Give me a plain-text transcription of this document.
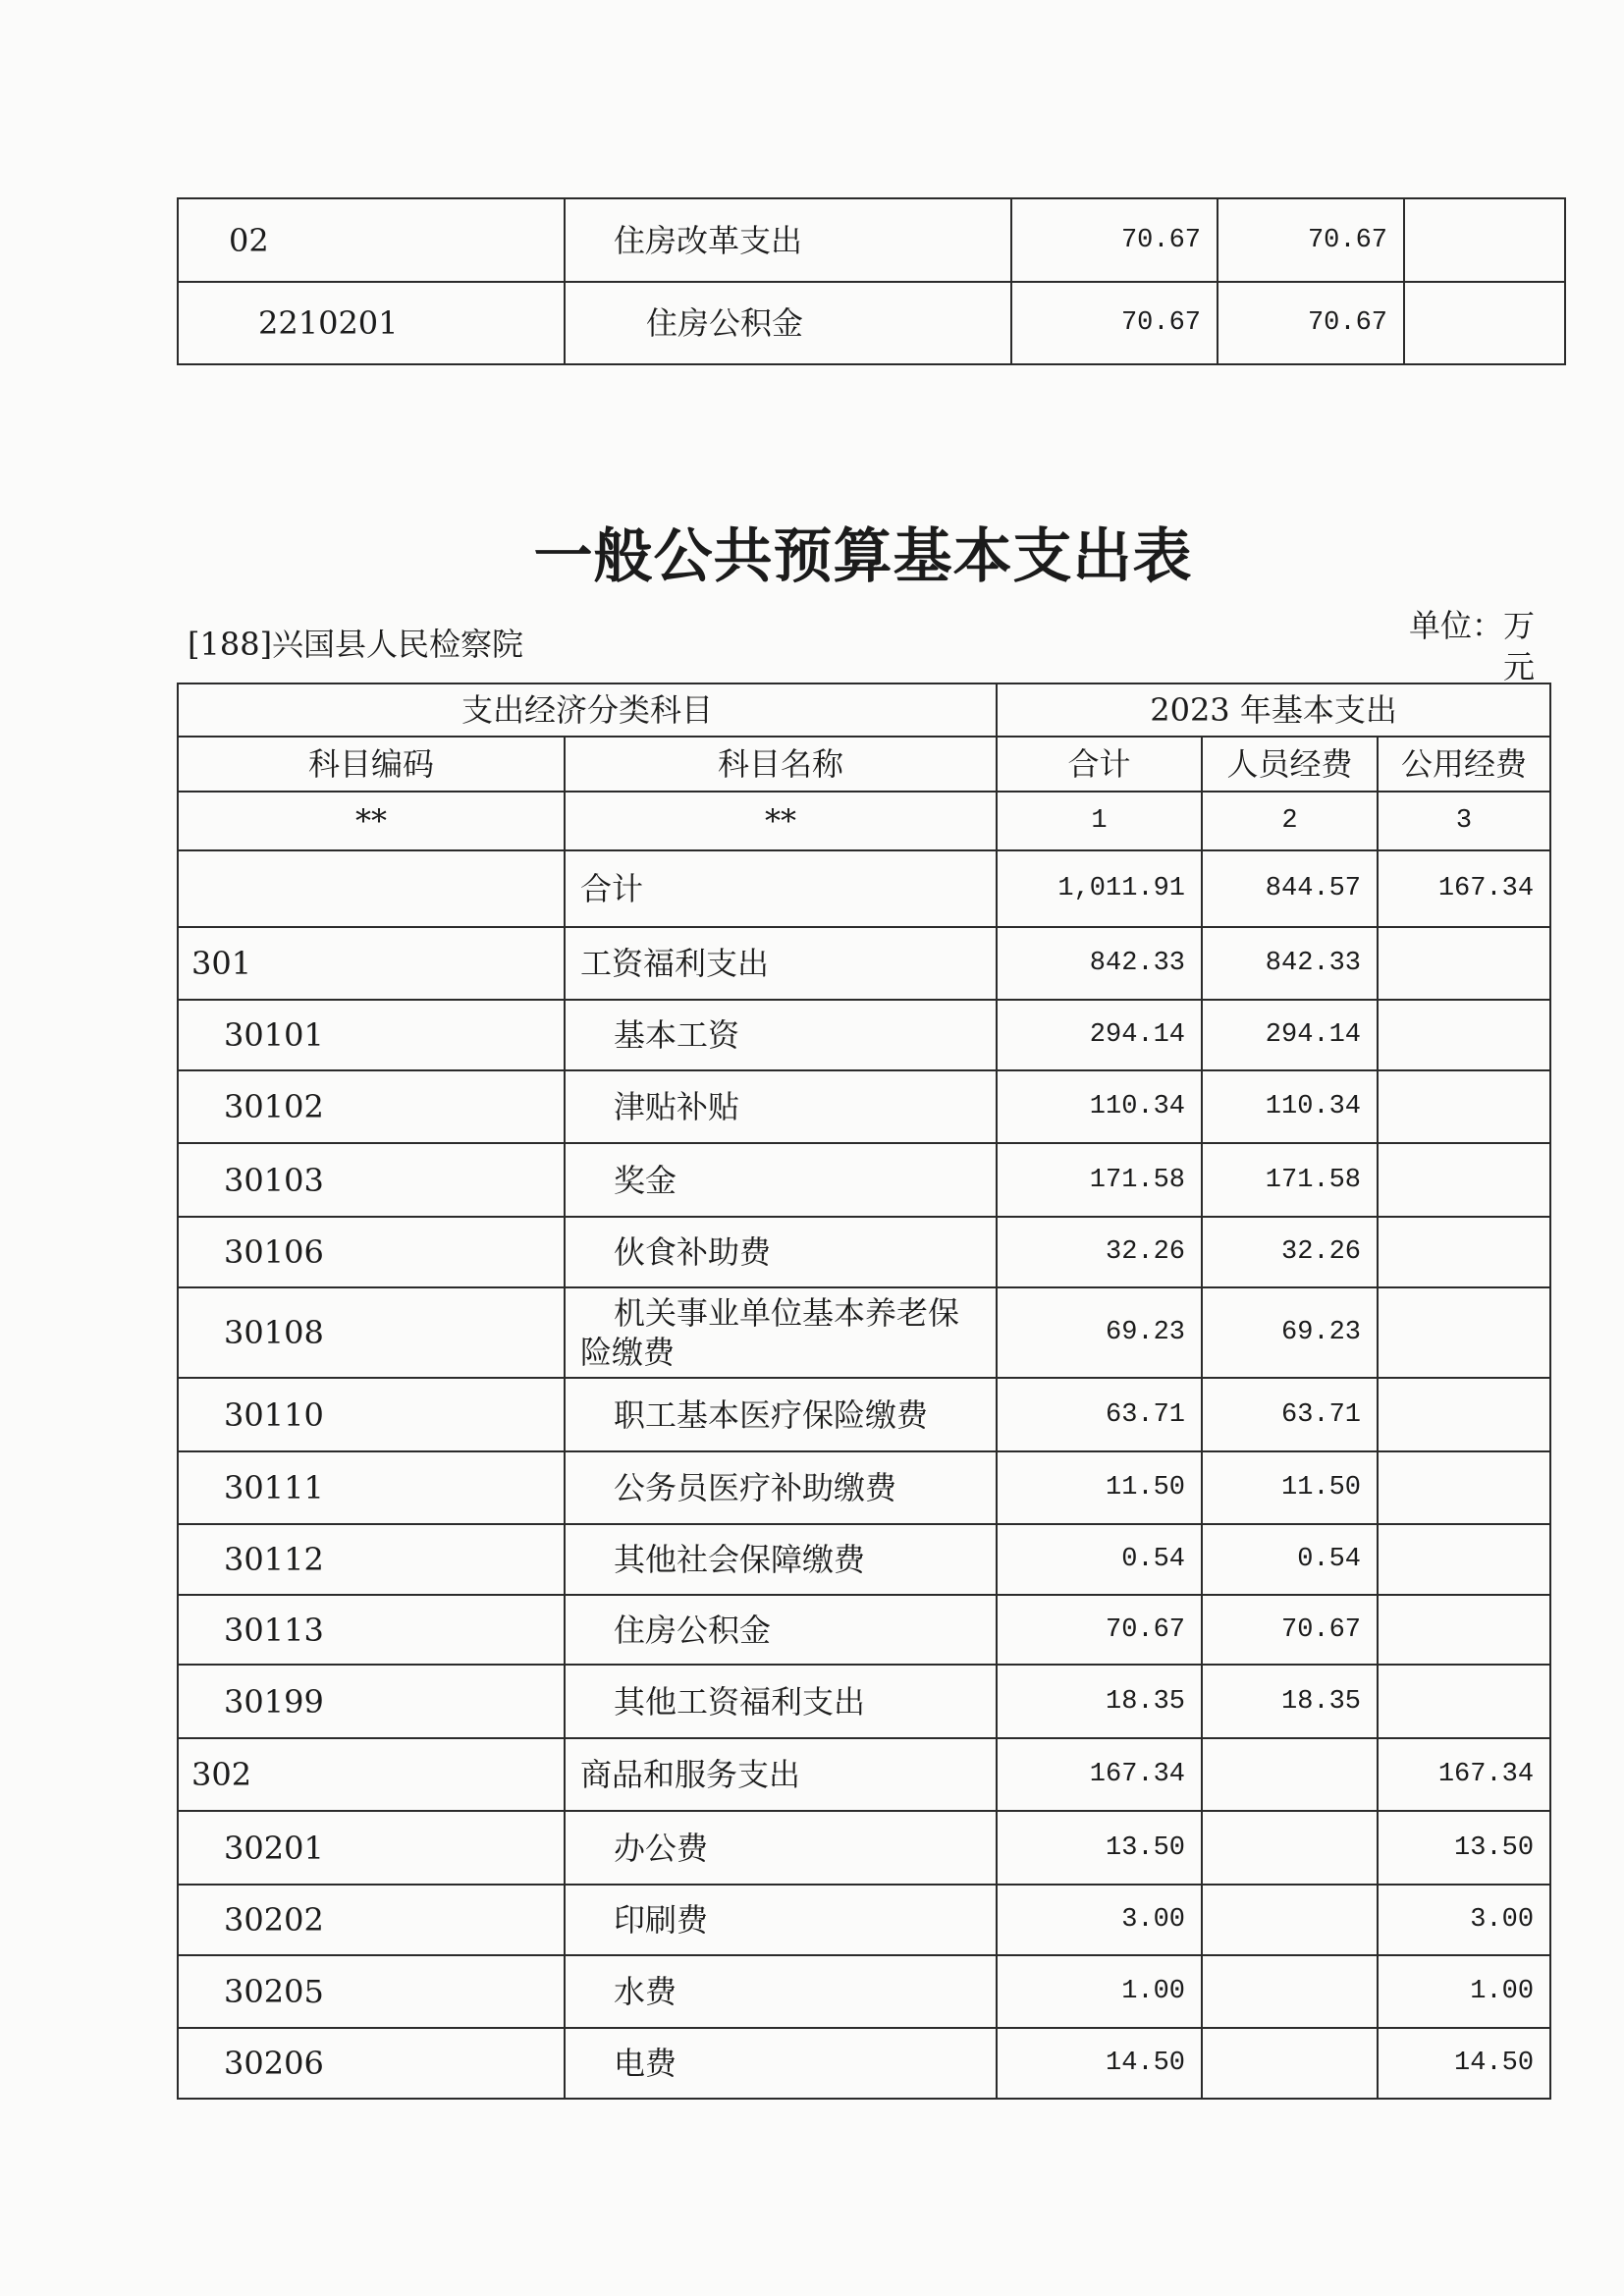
02	住房改革支出	70.67	70.67	
2210201	住房公积金	70.67	70.67	
一般公共预算基本支出表
[188]兴国县人民检察院	单位：万元
支出经济分类科目		2023 年基本支出		
科目编码	科目名称	合计	人员经费	公用经费
**	**	1	2	3
	合计	1,011.91	844.57	167.34
301	工资福利支出	842.33	842.33	
30101	基本工资	294.14	294.14	
30102	津贴补贴	110.34	110.34	
30103	奖金	171.58	171.58	
30106	伙食补助费	32.26	32.26	
30108	机关事业单位基本养老保险缴费	69.23	69.23	
30110	职工基本医疗保险缴费	63.71	63.71	
30111	公务员医疗补助缴费	11.50	11.50	
30112	其他社会保障缴费	0.54	0.54	
30113	住房公积金	70.67	70.67	
30199	其他工资福利支出	18.35	18.35	
302	商品和服务支出	167.34		167.34
30201	办公费	13.50		13.50
30202	印刷费	3.00		3.00
30205	水费	1.00		1.00
30206	电费	14.50		14.50
